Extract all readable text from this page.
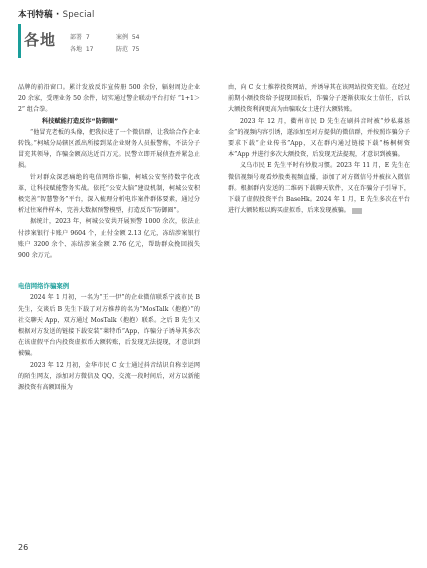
本刊特稿 · Special
各地 部署 7	案例 54
各地 17	防范 75

品牌的前沿窗口。累计发放反诈宣传册 500 余份，辐射周边企业 20 余家，受理业务 50 余件，切实通过警企联动平台打好 “1+1＞2” 组合拳。

科技赋能打造反诈“防御圈”

“他冒充老板的头像，把我拉进了一个微信群，让我给合作企业转钱。”柯城分局辖区派出所接到某企业财务人员报警称，不法分子冒充其领导，诈骗金额高达近百万元。民警立即开展侦查并紧急止损。

针对群众深恶痛绝的电信网络诈骗，柯城公安坚持数字化改革，让科技赋能警务实战。依托“公安大脑”建设机制，柯城公安积极完善“智慧警务”平台，深入梳理分析电诈案件群体要素，通过分析过往案件样本，完善大数据预警模型，打造反诈“防御圈”。

据统计，2023 年，柯城公安共开展预警 1000 余次，依法止付涉案银行卡账户 9604 个，止付金额 2.13 亿元，冻结涉案银行账户 3200 余个、冻结涉案金额 2.76 亿元，帮助群众挽回损失 900 余万元。

电信网络诈骗案例

2024 年 1 月初，一名为“王一伊”的企业微信联系宁波市民 B 先生，交谈后 B 先生下载了对方推荐的名为“MosTalk（抱抱）”的社交聊天 App，双方通过 MosTalk（抱抱）联系。之后 B 先生又根据对方发送的链接下载安装“莱特币”App，诈骗分子诱导其多次在该虚假平台内投资虚拟币大额转账，后发现无法提现，才意识到被骗。

2023 年 12 月初，金华市民 C 女士通过抖音结识自称幸运网的陌生网友，添加对方微信及 QQ，交流一段时间后，对方以新能源投资有高额回报为

由，向 C 女士推荐投资网站，并诱导其在该网站投资充值。在经过前期小额投资给予提现回报后，诈骗分子逐渐获取女士信任，后以大额投资利润更高为由骗取女士进行大额转账。

2023 年 12 月，衢州市民 D 先生在刷抖音时被“炒私募基金”的视频内容引诱，遂添加至对方提供的微信群，并按照诈骗分子要求下载“企业传书”App，又在群内通过链接下载“杨桐树资本”App 并进行多次大额投资，后发现无法提现，才意识到被骗。

义乌市民 E 先生平时有炒股习惯。2023 年 11 月，E 先生在微信视频号观看炒股类视频直播，添加了对方微信号并被拉入微信群。根据群内发送的二维码下载聊天软件，又在诈骗分子引导下，下载了虚假投资平台 BaseHk。2024 年 1 月，E 先生多次在平台进行大额转账以购买虚拟币，后来发现被骗。

26
